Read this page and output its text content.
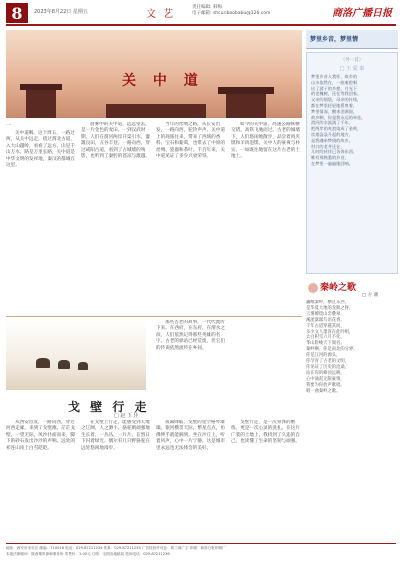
8	2023年8月22日 星期五	文 艺
责任编辑: 韩梅
电子邮箱: shcuribaobabu@126.com	商洛广播日报
关 中 道
一

关中道咽。这个周五，一路过两，从关中远走，绕过渭北古道，入大山越岭，看看了远方。山是千山万水，路是万里长路，关中道是中华文明的发祥地，秦汉的都城在这里。

晨雾中的关中道，远远望去，是一片金色的麦田。一到汉武时期，人们在渭河两岸开渠引水，灌溉良田，五谷丰登。一路向西，穿过咸阳古道，看到了古城墙的残影，也听到了秦腔的苍凉与激越。

当年的丝绸之路，从长安出发，一路向西，驼铃声声。关中道上的商旅往来，带来了西域的香料、宝石和葡萄，也带去了中原的丝绸、瓷器和茶叶。千百年来，关中道见证了多少兴衰荣辱。

如今的关中道，高速公路纵横交错，高铁飞驰而过。古老的城墙下，人们悠闲地散步，品尝着肉夹馍和羊肉泡馍。关中人的豪爽与朴实，一如既往地留在这片古老的土地上。

那些古老的故事，一代代流传下来。在西府，在东府，在渭水之滨，人们依然记得那些英雄的名字。古老的驿站已经荒废，但它们的传说依然流传在乡间。

戈 壁 行 走
□ 赵 玉 佳

从西安出发，一路向西，穿过河西走廊，来到了戈壁滩。茫茫戈壁，一望无际，风沙扑面而来，脚下的砂石发出沙沙的声响。远处的祁连山顶上白雪皑皑。

在戈壁上行走，能感受到天地之辽阔，人之渺小。骆驼刺顽强地生长着，一丛丛，一片片，在烈日下闪着绿光。偶尔有几只野骆驼在远处悠闲地漫步。

夜幕降临，戈壁的星空格外璀璨。银河横贯天际，繁星点点，仿佛伸手就能摘到。坐在沙丘上，听着风声，心中一片宁静。这是城市里永远也无法体会的美好。

戈壁行走，是一次身体的磨炼，更是一次心灵的洗礼。在这片广袤的土地上，我找到了久违的自己，也读懂了生命的坚韧与顽强。

梦里乡音，梦里情
（外一首）
□ 王 爱 秦

梦里乡音入我怀，故乡的

山水依然在，一曲秦腔唱

出了游子的乡愁，月光下

的老槐树，还在等我回家。

父亲的烟袋，母亲的针线，

都在梦里轻轻地摇曳着，

梦里情深，醒来泪满面，

故乡啊，你是我永远的牵挂。

渭河的水流淌了千年，

把两岸的麦浪染成了金黄，

炊烟袅袅升起的地方，

是我魂牵梦绕的故乡。

村口的老井还在，

儿时的伙伴已各奔东西，

唯有那熟悉的乡音，

在梦里一遍遍地回响。

秦岭之歌
□ 方 潮

巍峨秦岭，横亘东西，

是华夏大地的龙脉之脊，

云雾缭绕山峦叠翠，

溪流潺潺鸟语花香。

千年古道穿越其间，

多少文人墨客在此吟唱，

太白积雪六月不化，

华山险峻天下闻名。

秦岭啊，你是南北的分界，

你是江河的源头，

你孕育了古老的文明，

你见证了历史的沧桑。

站在你的峰顶远眺，

心中涌起无限豪情，

我要为你放声歌唱，

唱一曲秦岭之歌。

地址：西安市未央区 邮编：710016 电话：029-87211234 传真：029-87211235 广告经营许可证：陕工商广字 印刷：商洛日报印刷厂
本报法律顾问：陕西秦风律师事务所 零售价：1.00元 订阅：全国各地邮局 投诉电话：029-87211236
